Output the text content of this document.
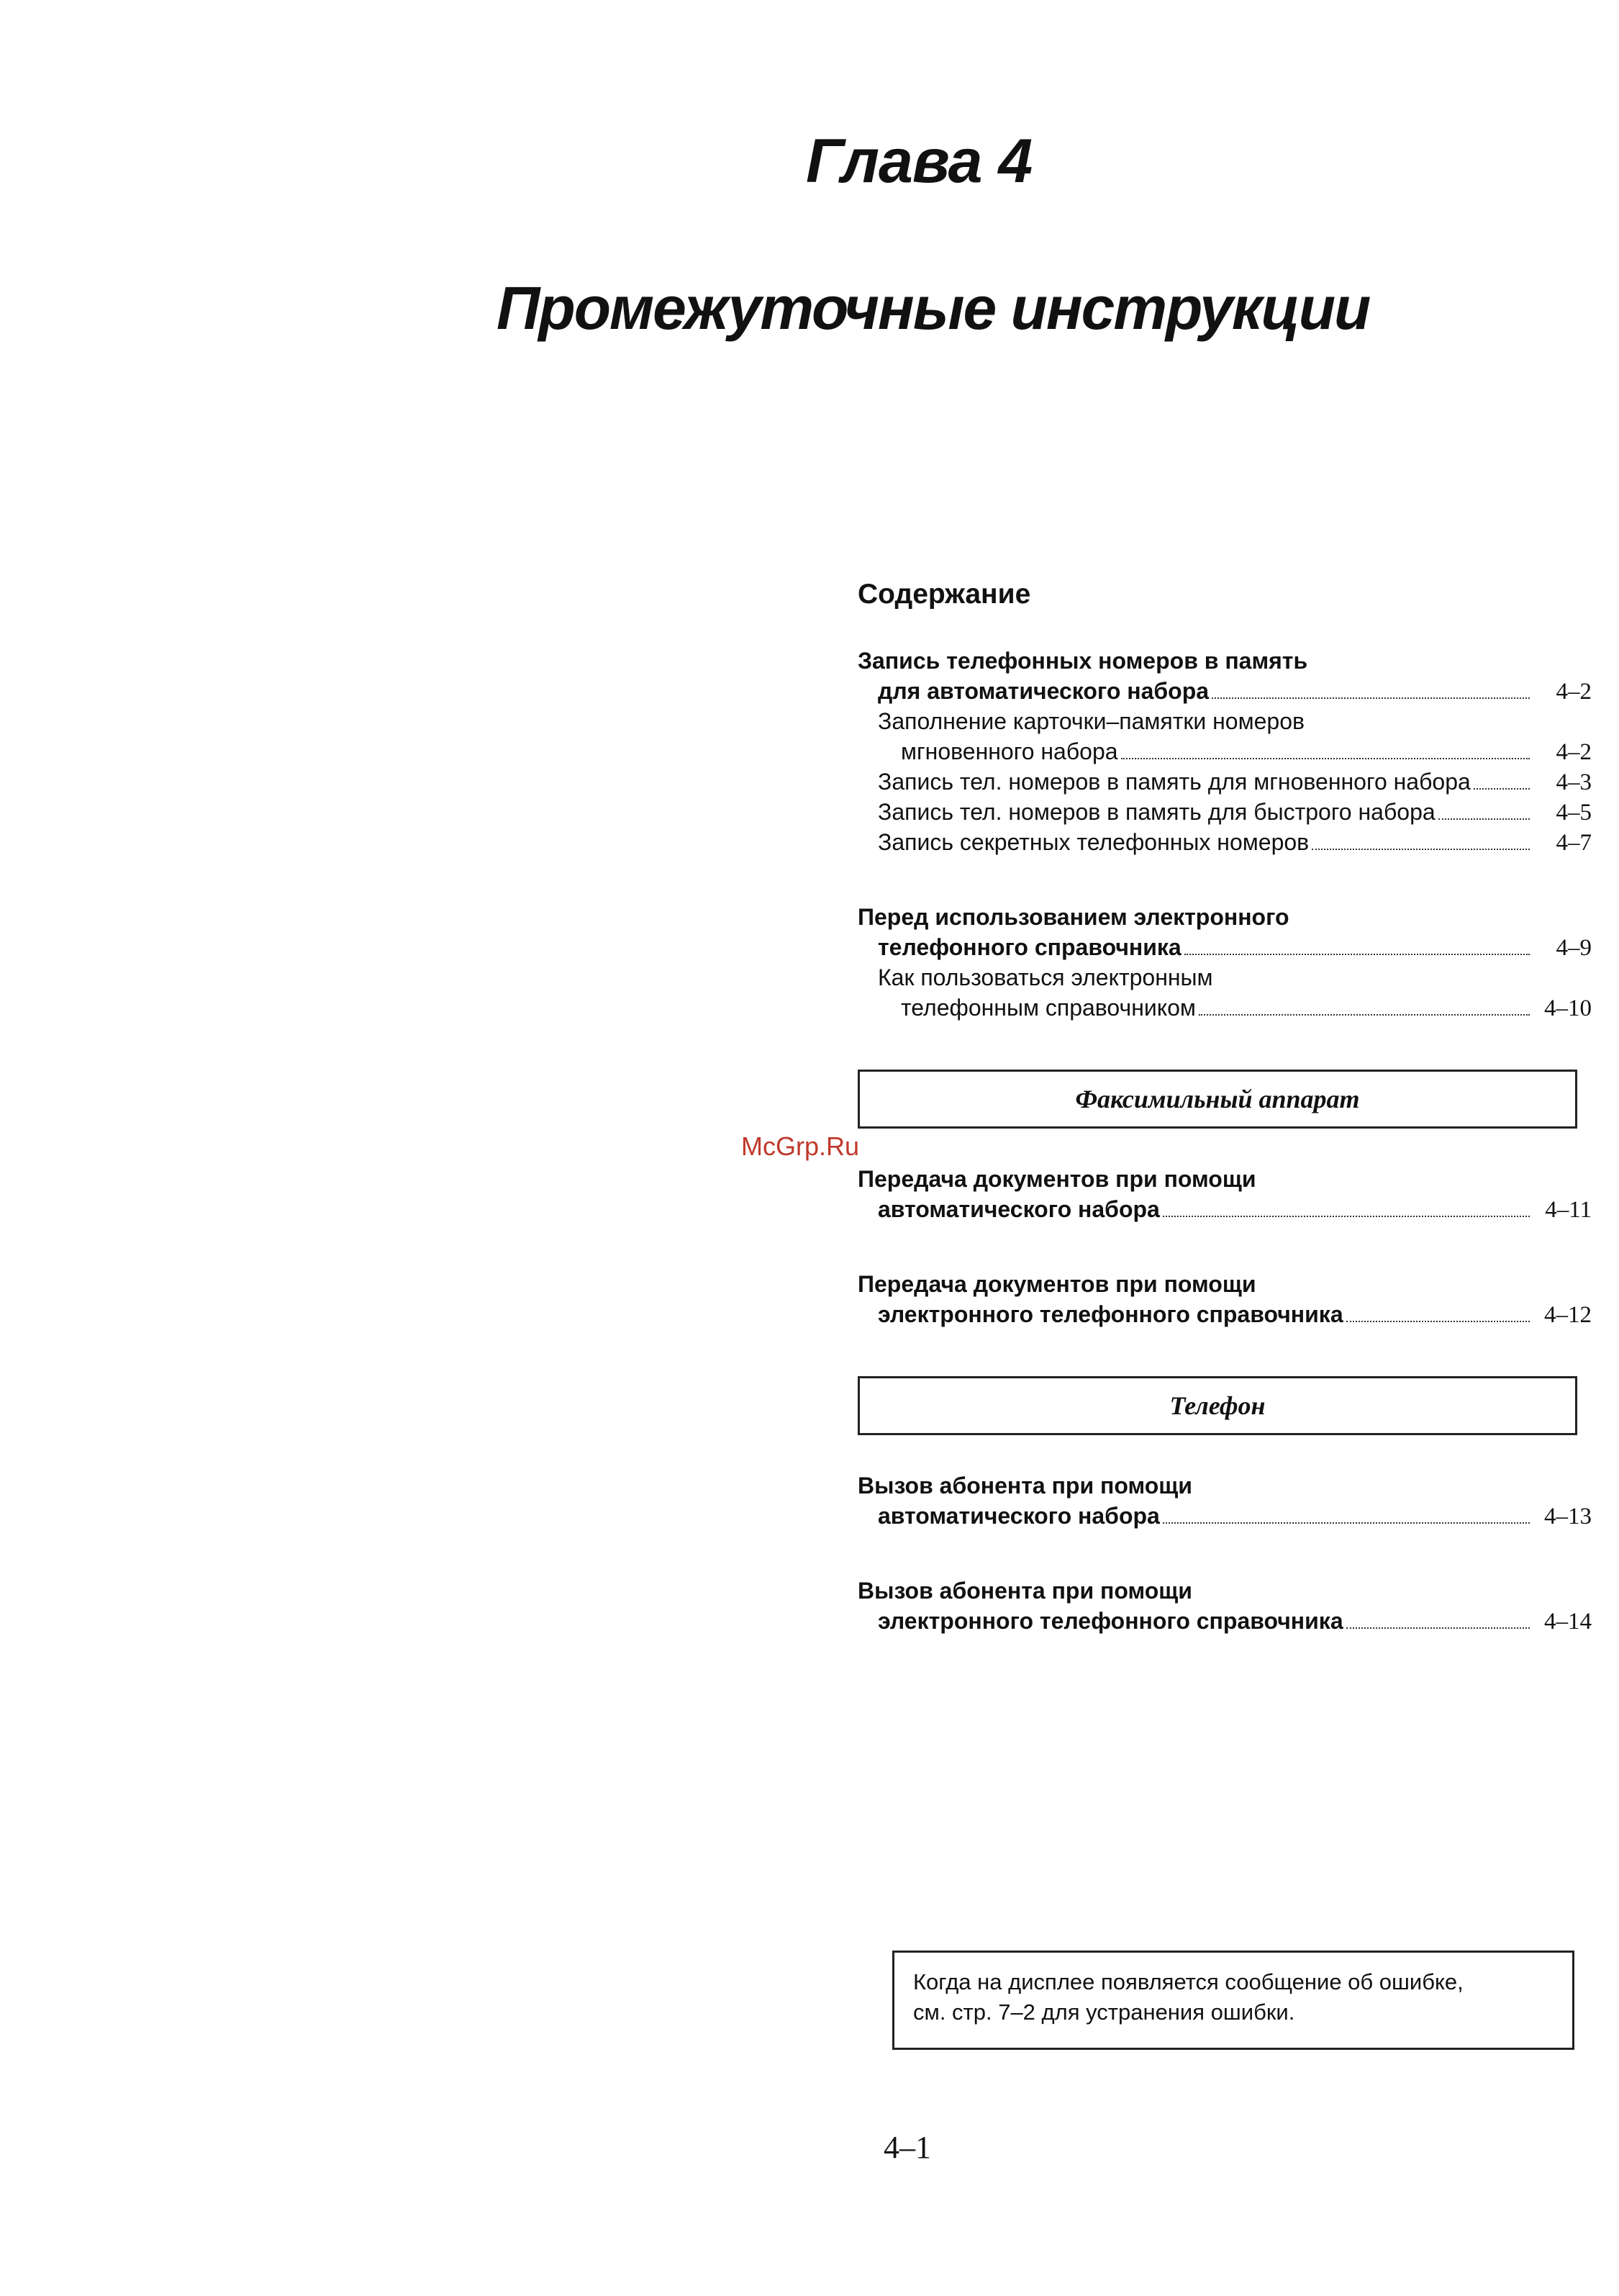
Глава 4
Промежуточные инструкции
Содержание
Запись телефонных номеров в память
для автоматического набора	4–2
Заполнение карточки–памятки номеров
мгновенного набора	4–2
Запись тел. номеров в память для мгновенного набора	4–3
Запись тел. номеров в память для быстрого набора	4–5
Запись секретных телефонных номеров	4–7
Перед использованием электронного
телефонного справочника	4–9
Как пользоваться электронным
телефонным справочником	4–10
Факсимильный аппарат
Передача документов при помощи
автоматического набора	4–11
Передача документов при помощи
электронного телефонного справочника	4–12
Телефон
Вызов абонента при помощи
автоматического набора	4–13
Вызов абонента при помощи
электронного телефонного справочника	4–14
McGrp.Ru
Когда на дисплее появляется сообщение об ошибке,
см. стр. 7–2 для устранения ошибки.
4–1
